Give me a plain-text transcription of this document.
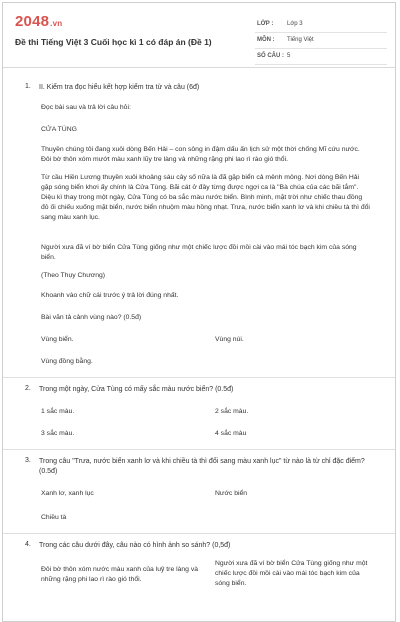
2048.vn
Đề thi Tiếng Việt 3 Cuối học kì 1 có đáp án (Đề 1)
LỚP : Lớp 3
MÔN : Tiếng Việt
SỐ CÂU : 5
1. II. Kiểm tra đọc hiểu kết hợp kiểm tra từ và câu (6đ)
Đọc bài sau và trả lời câu hỏi:
CỬA TÙNG
Thuyền chúng tôi đang xuôi dòng Bến Hải – con sông in đậm dấu ấn lịch sử một thời chống Mĩ cứu nước. Đôi bờ thôn xóm mướt màu xanh lũy tre làng và những rặng phi lao rì rào gió thổi.
Từ cầu Hiền Lương thuyền xuôi khoảng sáu cây số nữa là đã gặp biển cả mênh mông. Nơi dòng Bến Hải gặp sóng biển khơi ấy chính là Cửa Tùng. Bãi cát ở đây từng được ngợi ca là "Bà chúa của các bãi tắm". Diệu kì thay trong một ngày, Cửa Tùng có ba sắc màu nước biển. Bình minh, mặt trời như chiếc thau đồng đỏ ối chiếu xuống mặt biển, nước biển nhuộm màu hồng nhạt. Trưa, nước biển xanh lơ và khi chiều tà thì đổi sang màu xanh lục.
Người xưa đã ví bờ biển Cửa Tùng giống như một chiếc lược đồi mồi cài vào mái tóc bạch kim của sóng biển.
(Theo Thụy Chương)
Khoanh vào chữ cái trước ý trả lời đúng nhất.
Bài văn tả cảnh vùng nào? (0.5đ)
Vùng biển.	Vùng núi.
Vùng đồng bằng.
2. Trong một ngày, Cửa Tùng có mấy sắc màu nước biển? (0.5đ)
1 sắc màu.	2 sắc màu.
3 sắc màu.	4 sắc màu
3. Trong câu "Trưa, nước biển xanh lơ và khi chiều tà thì đổi sang màu xanh lục" từ nào là từ chỉ đặc điểm? (0.5đ)
Xanh lơ, xanh lục	Nước biển
Chiều tà
4. Trong các câu dưới đây, câu nào có hình ảnh so sánh? (0,5đ)
Đôi bờ thôn xóm nước màu xanh của luỹ tre làng và những rặng phi lao rì rào gió thổi.
Người xưa đã ví bờ biển Cửa Tùng giống như một chiếc lược đồi mồi cài vào mái tóc bạch kim của sóng biển.
